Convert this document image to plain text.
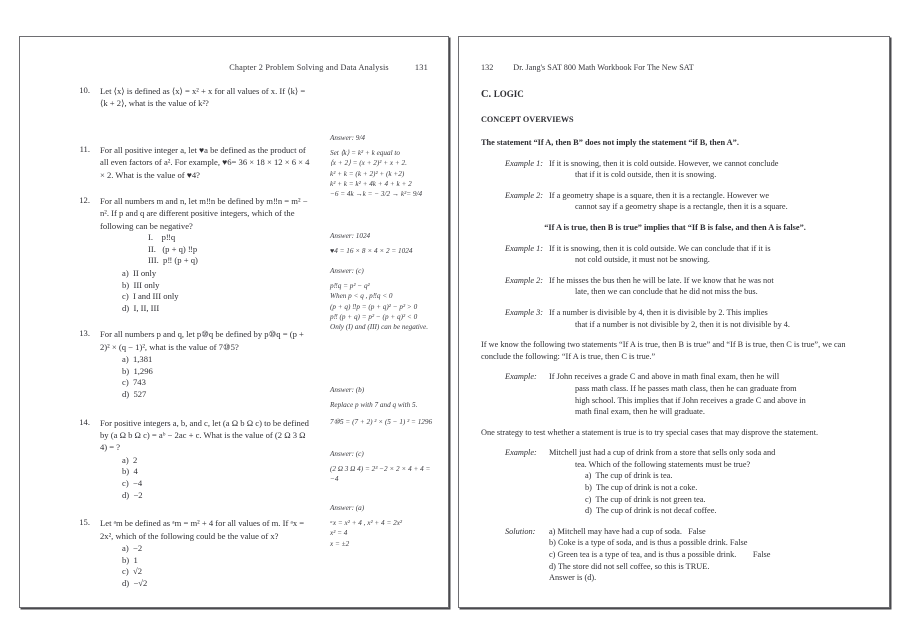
Chapter 2 Problem Solving and Data Analysis	131
10. Let ⟨x⟩ is defined as ⟨x⟩ = x² + x for all values of x. If ⟨k⟩ = ⟨k + 2⟩, what is the value of k²?
Answer: 9/4
Set ⟨k⟩ = k² + k equal to
⟨x + 2⟩ = (x + 2)² + x + 2.
k² + k = (k + 2)² + (k +2)
k² + k = k² + 4k + 4 + k + 2
−6 = 4k →k = − 3/2 → k²= 9/4
11. For all positive integer a, let ♥a be defined as the product of all even factors of a². For example, ♥6= 36 × 18 × 12 × 6 × 4 × 2. What is the value of ♥4?
Answer: 1024
♥4 = 16 × 8 × 4 × 2 = 1024
12. For all numbers m and n, let m‼n be defined by m‼n = m² − n². If p and q are different positive integers, which of the following can be negative?
I.    p‼q
II.   (p + q) ‼p
III.  p‼ (p + q)
a)  II only
b)  III only
c)  I and III only
d)  I, II, III
Answer: (c)
p‼q = p² − q²
When p < q , p‼q < 0
(p + q) ‼p = (p + q)² − p² > 0
p‼ (p + q) = p² − (p + q)² < 0
Only (I) and (III) can be negative.
13. For all numbers p and q, let p⑩q be defined by p⑩q = (p + 2)² × (q − 1)², what is the value of 7⑩5?
a)  1,381
b)  1,296
c)  743
d)  527	Answer: (b)
Replace p with 7 and q with 5.
7⑩5 = (7 + 2) ² × (5 − 1) ² = 1296
14. For positive integers a, b, and c, let (a Ω b Ω c) to be defined by (a Ω b Ω c) = aᵇ − 2ac + c. What is the value of (2 Ω 3 Ω 4) = ?
a)  2
b)  4
c)  −4
d)  −2
Answer: (c)
(2 Ω 3 Ω 4) = 2³ −2 × 2 × 4 + 4 =
−4
15. Let ᵃm be defined as ᵃm = m² + 4 for all values of m. If ᵃx = 2x², which of the following could be the value of x?
a)  −2
b)  1
c)  √2
d)  −√2
Answer: (a)
ᵃx = x² + 4 , x² + 4 = 2x²
x² = 4
x = ±2
132 Dr. Jang's SAT 800 Math Workbook For The New SAT
C. LOGIC
CONCEPT OVERVIEWS
The statement “If A, then B” does not imply the statement “if B, then A”.
Example 1: If it is snowing, then it is cold outside. However, we cannot conclude
that if it is cold outside, then it is snowing.
Example 2: If a geometry shape is a square, then it is a rectangle. However we
cannot say if a geometry shape is a rectangle, then it is a square.
“If A is true, then B is true” implies that “If B is false, and then A is false”.
Example 1: If it is snowing, then it is cold outside. We can conclude that if it is
not cold outside, it must not be snowing.
Example 2: If he misses the bus then he will be late. If we know that he was not
late, then we can conclude that he did not miss the bus.
Example 3: If a number is divisible by 4, then it is divisible by 2. This implies
that if a number is not divisible by 2, then it is not divisible by 4.
If we know the following two statements “If A is true, then B is true” and “If B is true, then C is true”, we can conclude the following: “If A is true, then C is true.”
Example:	If John receives a grade C and above in math final exam, then he will
pass math class. If he passes math class, then he can graduate from
high school. This implies that if John receives a grade C and above in
math final exam, then he will graduate.
One strategy to test whether a statement is true is to try special cases that may disprove the statement.
Example:	Mitchell just had a cup of drink from a store that sells only soda and
tea. Which of the following statements must be true?
a)  The cup of drink is tea.
b)  The cup of drink is not a coke.
c)  The cup of drink is not green tea.
d)  The cup of drink is not decaf coffee.
Solution:	a) Mitchell may have had a cup of soda.   False
b) Coke is a type of soda, and is thus a possible drink. False
c) Green tea is a type of tea, and is thus a possible drink.        False
d) The store did not sell coffee, so this is TRUE.
Answer is (d).
